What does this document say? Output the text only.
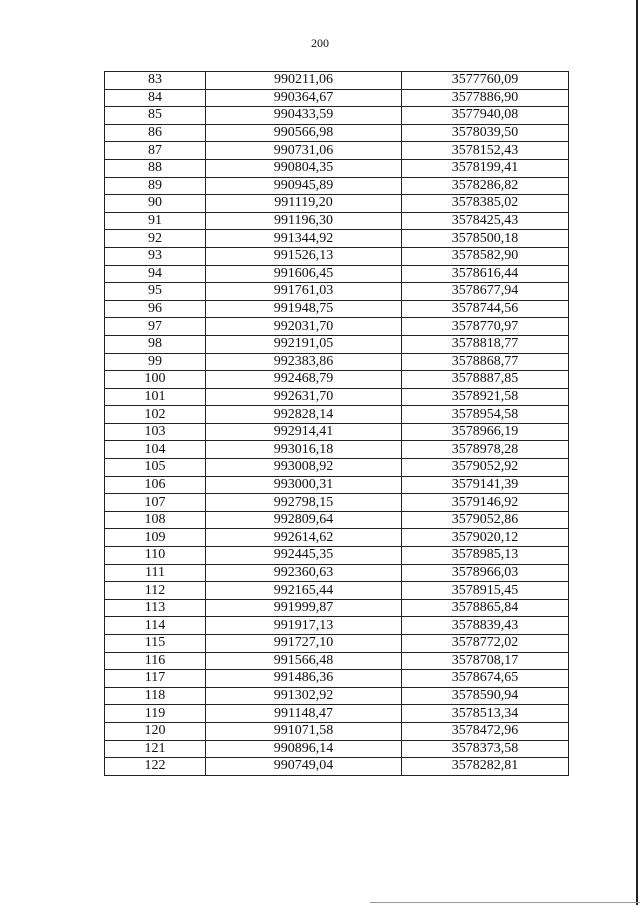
200
83	990211,06	3577760,09
84	990364,67	3577886,90
85	990433,59	3577940,08
86	990566,98	3578039,50
87	990731,06	3578152,43
88	990804,35	3578199,41
89	990945,89	3578286,82
90	991119,20	3578385,02
91	991196,30	3578425,43
92	991344,92	3578500,18
93	991526,13	3578582,90
94	991606,45	3578616,44
95	991761,03	3578677,94
96	991948,75	3578744,56
97	992031,70	3578770,97
98	992191,05	3578818,77
99	992383,86	3578868,77
100	992468,79	3578887,85
101	992631,70	3578921,58
102	992828,14	3578954,58
103	992914,41	3578966,19
104	993016,18	3578978,28
105	993008,92	3579052,92
106	993000,31	3579141,39
107	992798,15	3579146,92
108	992809,64	3579052,86
109	992614,62	3579020,12
110	992445,35	3578985,13
111	992360,63	3578966,03
112	992165,44	3578915,45
113	991999,87	3578865,84
114	991917,13	3578839,43
115	991727,10	3578772,02
116	991566,48	3578708,17
117	991486,36	3578674,65
118	991302,92	3578590,94
119	991148,47	3578513,34
120	991071,58	3578472,96
121	990896,14	3578373,58
122	990749,04	3578282,81
